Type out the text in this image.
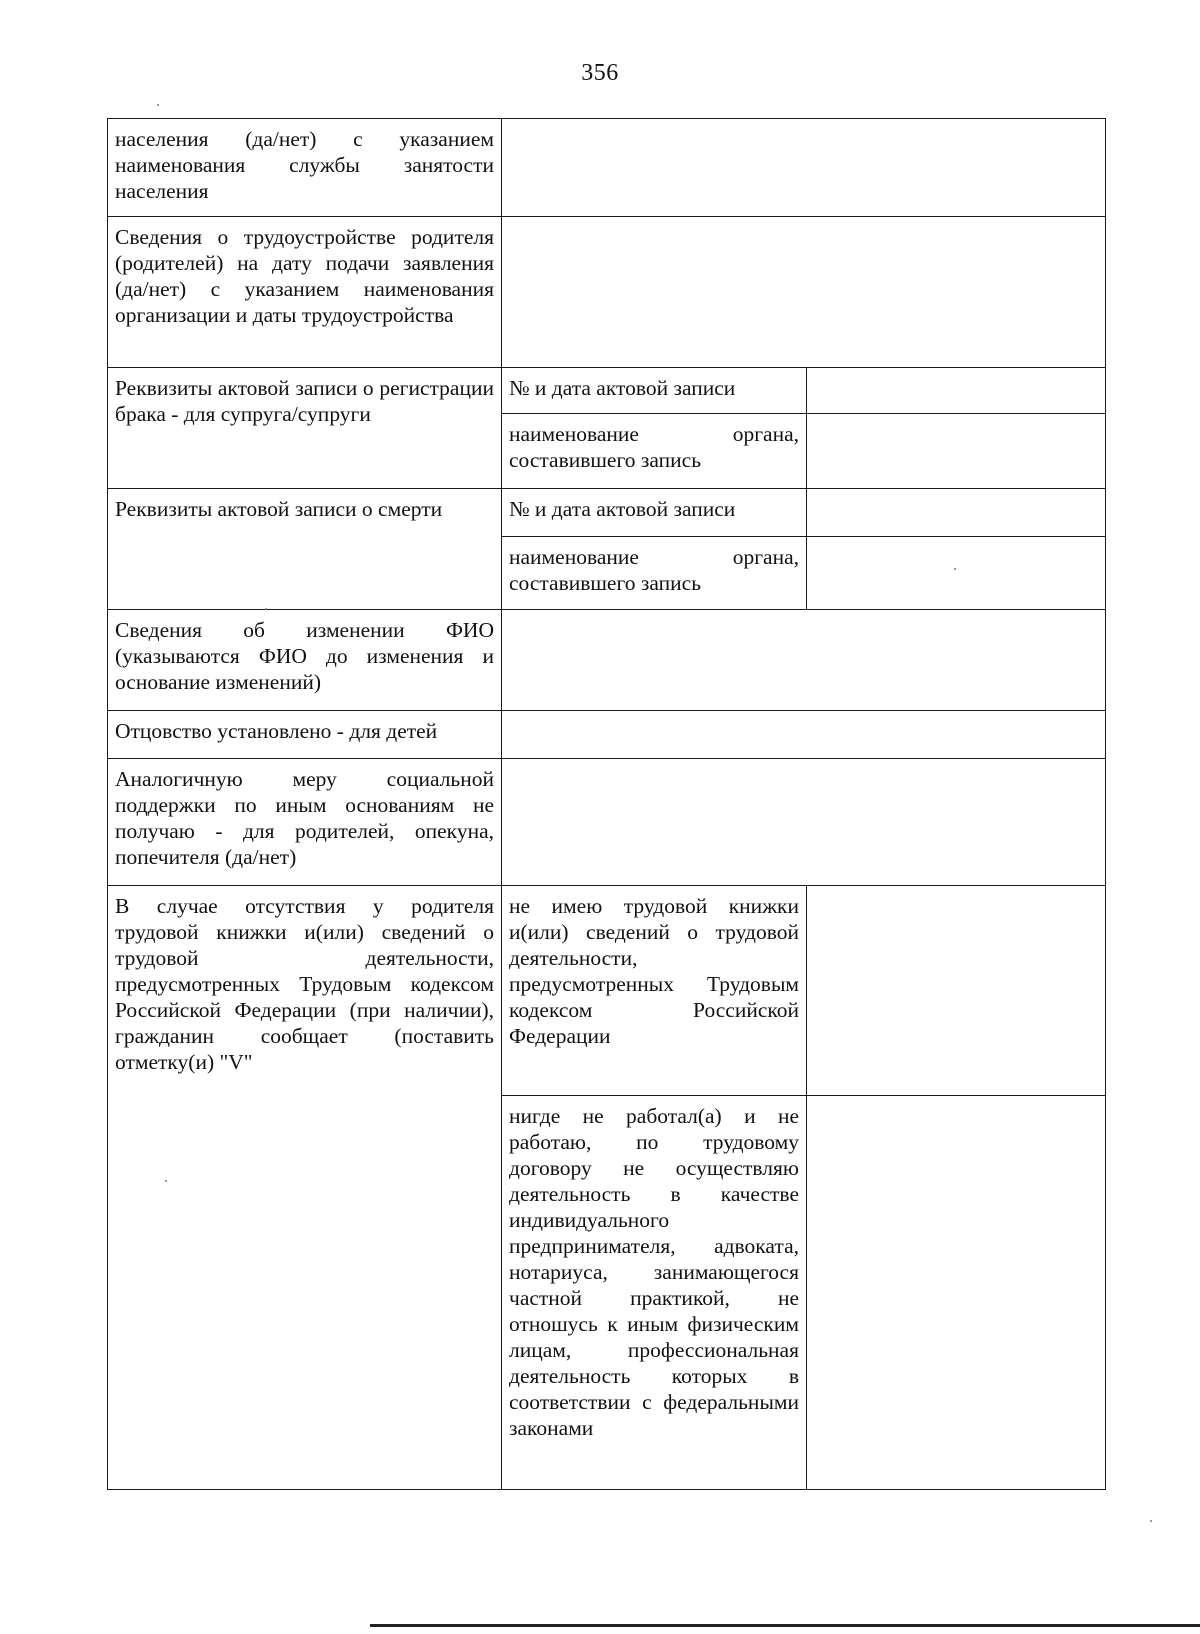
356
населения (да/нет) с указанием наименования службы занятости населения		
Сведения о трудоустройстве родителя (родителей) на дату подачи заявления (да/нет) с указанием наименования организации и даты трудоустройства		
Реквизиты актовой записи о регистрации брака - для супруга/супруги	№ и дата актовой записи	
	наименование органа, составившего запись	
Реквизиты актовой записи о смерти	№ и дата актовой записи	
	наименование органа, составившего запись	
Сведения об изменении ФИО (указываются ФИО до изменения и основание изменений)		
Отцовство установлено - для детей		
Аналогичную меру социальной поддержки по иным основаниям не получаю - для родителей, опекуна, попечителя (да/нет)		
В случае отсутствия у родителя трудовой книжки и(или) сведений о трудовой деятельности, предусмотренных Трудовым кодексом Российской Федерации (при наличии), гражданин сообщает (поставить отметку(и) "V"	не имею трудовой книжки и(или) сведений о трудовой деятельности, предусмотренных Трудовым кодексом Российской Федерации	
	нигде не работал(а) и не работаю, по трудовому договору не осуществляю деятельность в качестве индивидуального предпринимателя, адвоката, нотариуса, занимающегося частной практикой, не отношусь к иным физическим лицам, профессиональная деятельность которых в соответствии с федеральными законами	
